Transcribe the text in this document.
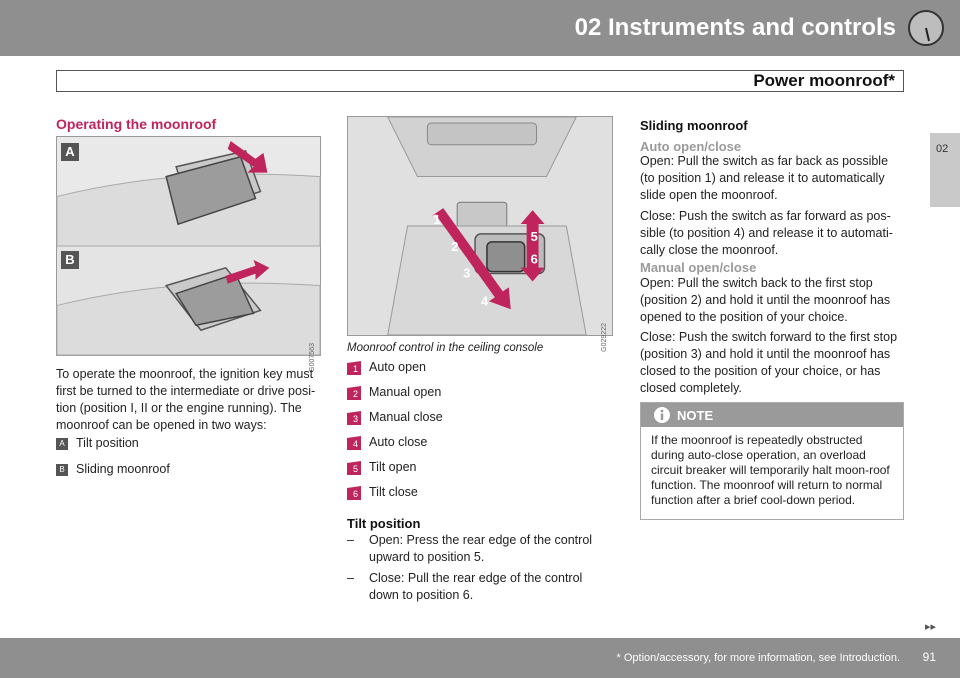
02 Instruments and controls
Power moonroof*
02
Operating the moonroof
A
B
G007563
To operate the moonroof, the ignition key must first be turned to the intermediate or drive posi-tion (position I, II or the engine running). The moonroof can be opened in two ways:
A Tilt position
B Sliding moonroof
1
2
3
4
5
6
G029222
Moonroof control in the ceiling console
1 Auto open
2 Manual open
3 Manual close
4 Auto close
5 Tilt open
6 Tilt close
Tilt position
– Open: Press the rear edge of the control upward to position 5.
– Close: Pull the rear edge of the control down to position 6.
Sliding moonroof
Auto open/close
Open: Pull the switch as far back as possible (to position 1) and release it to automatically slide open the moonroof.
Close: Push the switch as far forward as pos-sible (to position 4) and release it to automati-cally close the moonroof.
Manual open/close
Open: Pull the switch back to the first stop (position 2) and hold it until the moonroof has opened to the position of your choice.
Close: Push the switch forward to the first stop (position 3) and hold it until the moonroof has closed to the position of your choice, or has closed completely.
NOTE
If the moonroof is repeatedly obstructed during auto-close operation, an overload circuit breaker will temporarily halt moon-roof function. The moonroof will return to normal function after a brief cool-down period.
▸▸
* Option/accessory, for more information, see Introduction. 91
